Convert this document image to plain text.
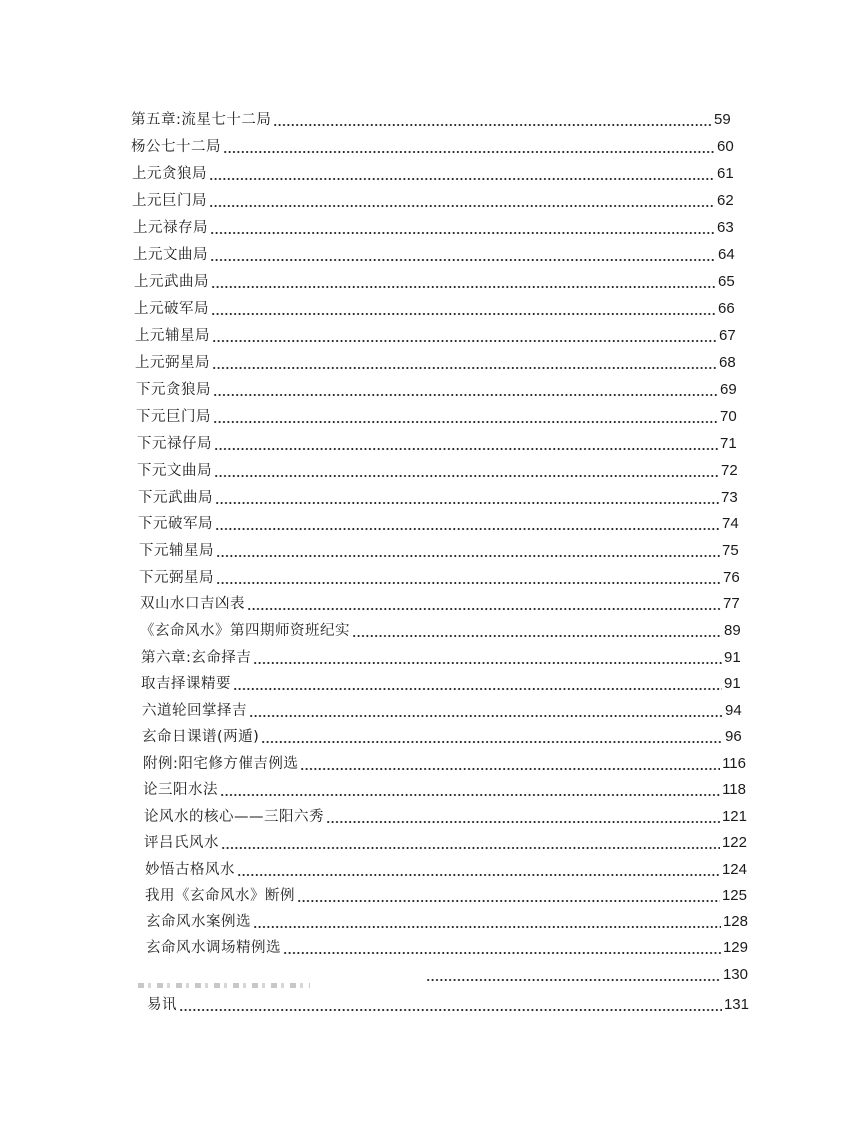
第五章:流星七十二局	59
杨公七十二局	60
上元贪狼局	61
上元巨门局	62
上元禄存局	63
上元文曲局	64
上元武曲局	65
上元破军局	66
上元辅星局	67
上元弼星局	68
下元贪狼局	69
下元巨门局	70
下元禄仔局	71
下元文曲局	72
下元武曲局	73
下元破军局	74
下元辅星局	75
下元弼星局	76
双山水口吉凶表	77
《玄命风水》第四期师资班纪实	89
第六章:玄命择吉	91
取吉择课精要	91
六道轮回掌择吉	94
玄命日课谱(两遁)	96
附例:阳宅修方催吉例选	116
论三阳水法	118
论风水的核心——三阳六秀	121
评吕氏风水	122
妙悟古格风水	124
我用《玄命风水》断例	125
玄命风水案例选	128
玄命风水调场精例选	129
130
易讯	131
